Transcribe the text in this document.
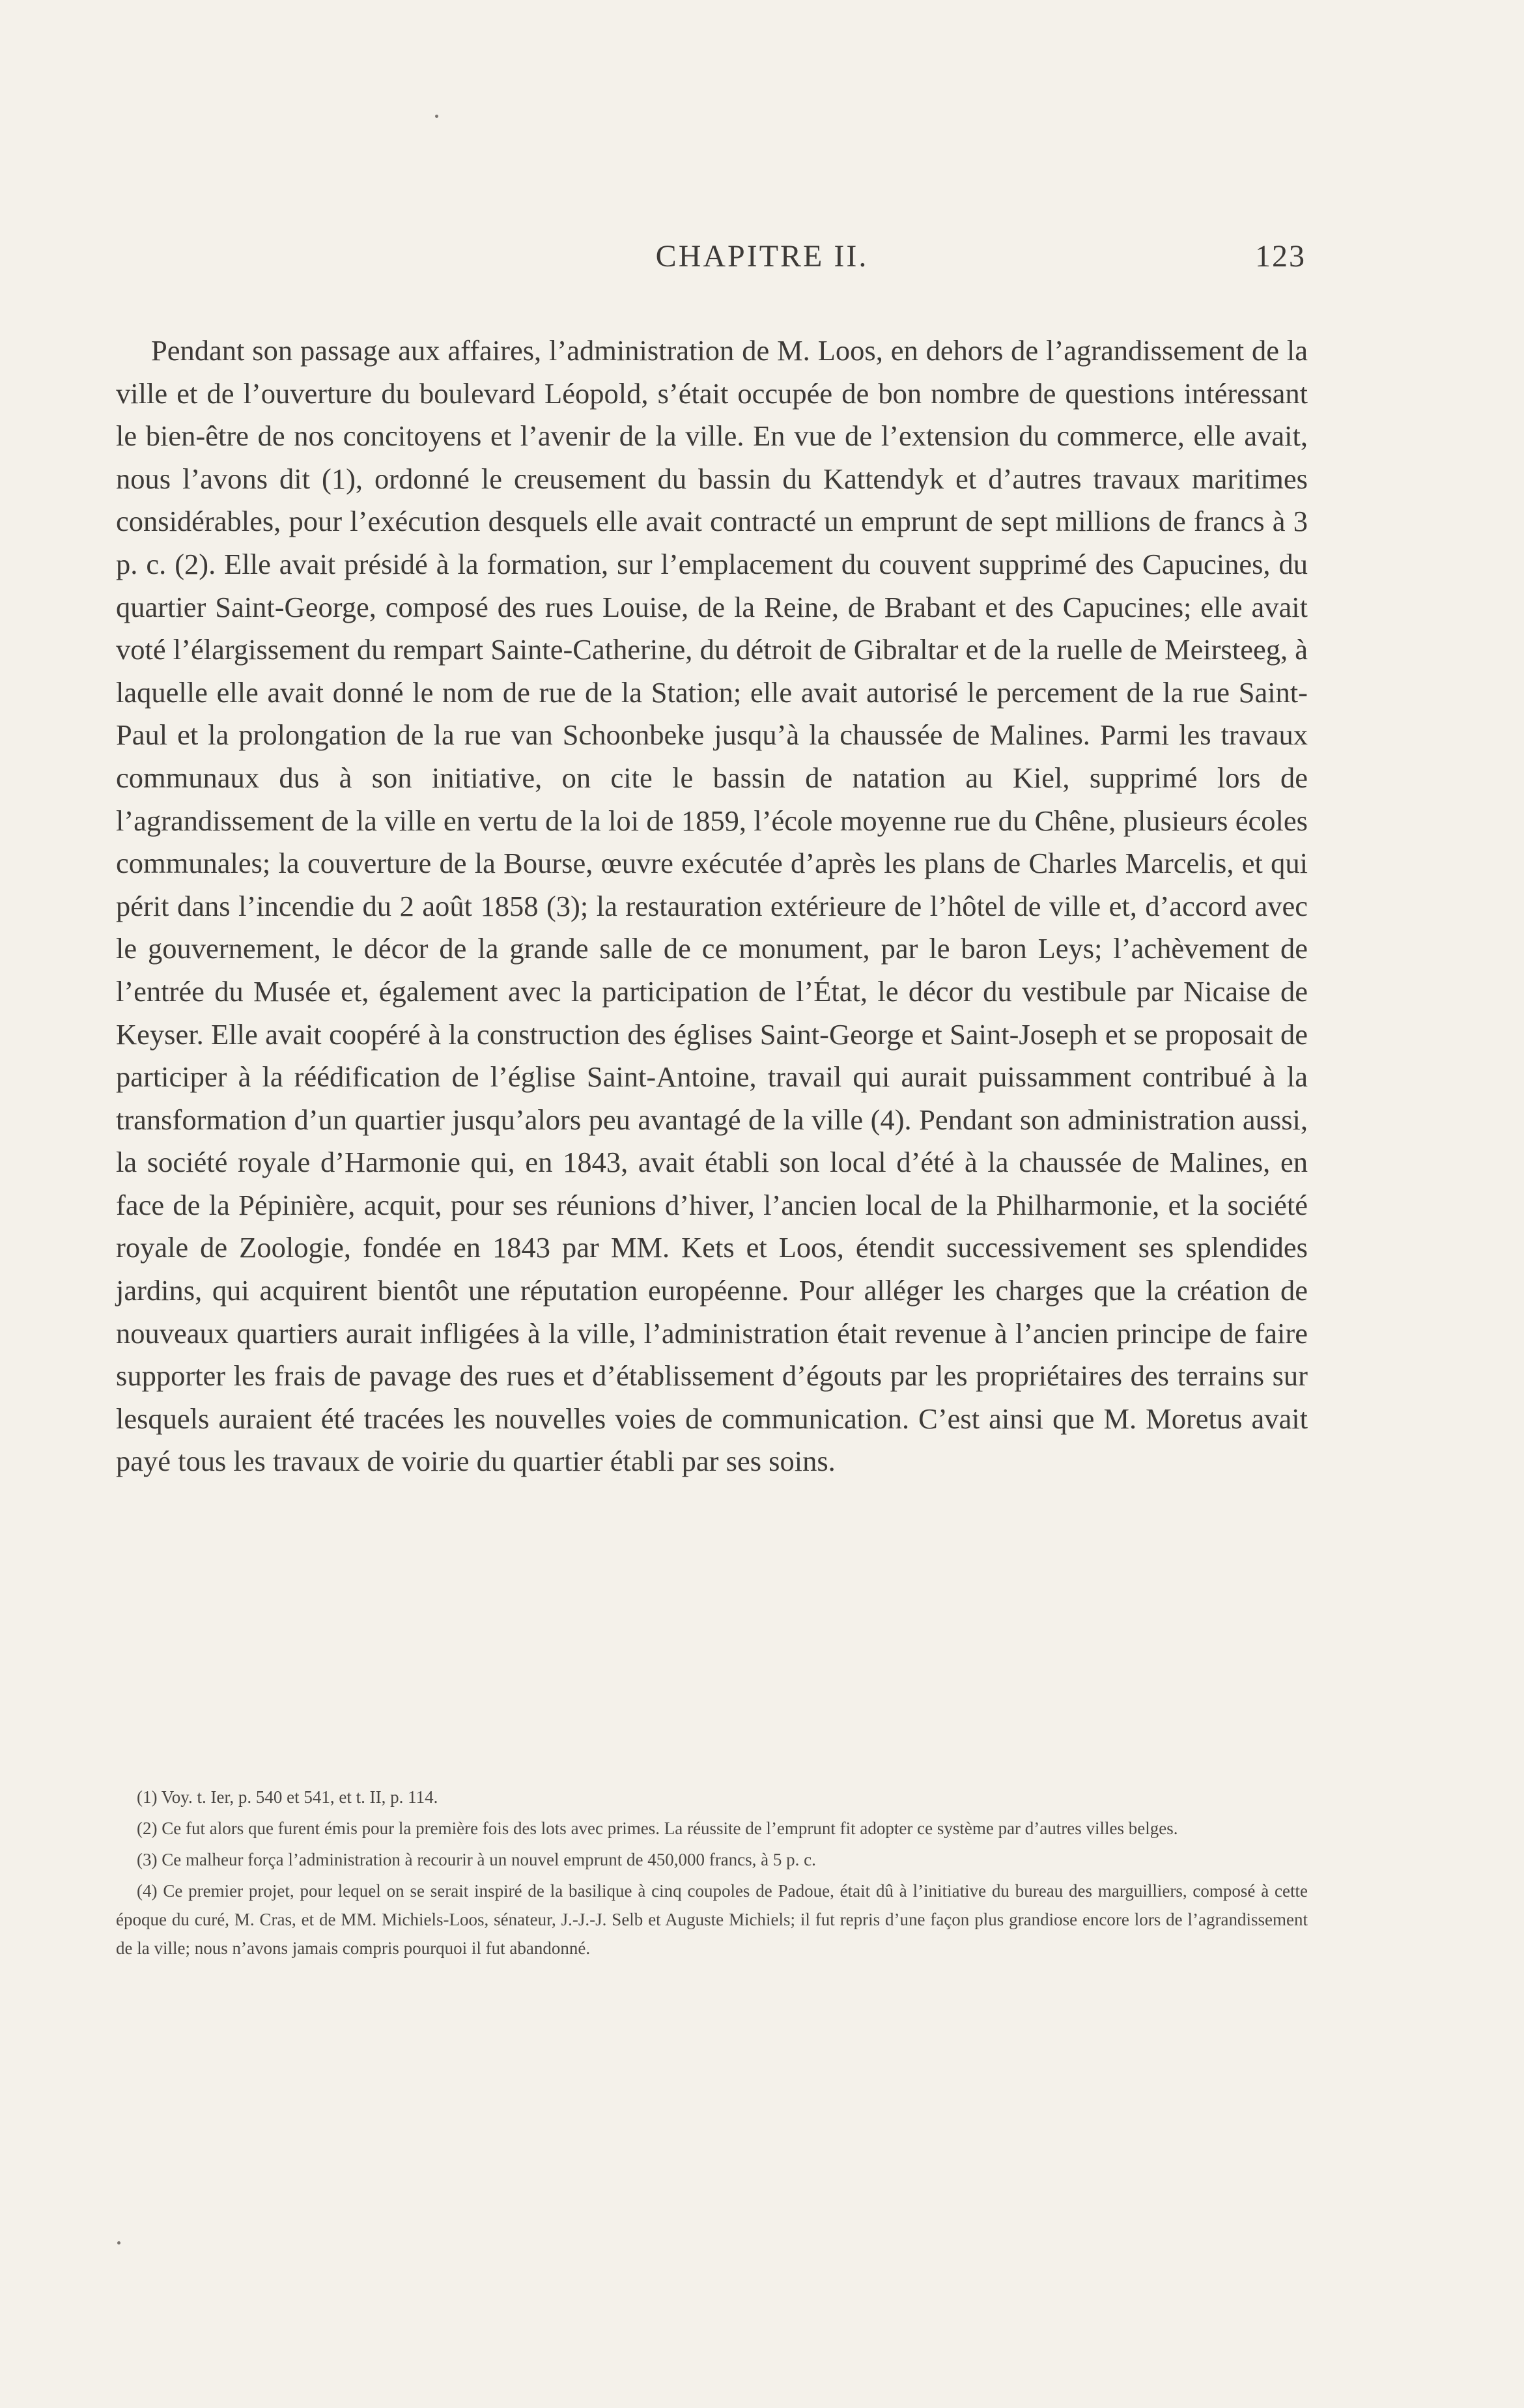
CHAPITRE II.	123

Pendant son passage aux affaires, l’administration de M. Loos, en dehors de l’agrandissement de la ville et de l’ouverture du boulevard Léopold, s’était occupée de bon nombre de questions intéressant le bien-être de nos concitoyens et l’avenir de la ville. En vue de l’extension du commerce, elle avait, nous l’avons dit (1), ordonné le creusement du bassin du Kattendyk et d’autres travaux maritimes considérables, pour l’exécution desquels elle avait contracté un emprunt de sept millions de francs à 3 p. c. (2). Elle avait présidé à la formation, sur l’emplacement du couvent supprimé des Capucines, du quartier Saint-George, composé des rues Louise, de la Reine, de Brabant et des Capucines; elle avait voté l’élargissement du rempart Sainte-Catherine, du détroit de Gibraltar et de la ruelle de Meirsteeg, à laquelle elle avait donné le nom de rue de la Station; elle avait autorisé le percement de la rue Saint-Paul et la prolongation de la rue van Schoonbeke jusqu’à la chaussée de Malines. Parmi les travaux communaux dus à son initiative, on cite le bassin de natation au Kiel, supprimé lors de l’agrandissement de la ville en vertu de la loi de 1859, l’école moyenne rue du Chêne, plusieurs écoles communales; la couverture de la Bourse, œuvre exécutée d’après les plans de Charles Marcelis, et qui périt dans l’incendie du 2 août 1858 (3); la restauration extérieure de l’hôtel de ville et, d’accord avec le gouvernement, le décor de la grande salle de ce monument, par le baron Leys; l’achèvement de l’entrée du Musée et, également avec la participation de l’État, le décor du vestibule par Nicaise de Keyser. Elle avait coopéré à la construction des églises Saint-George et Saint-Joseph et se proposait de participer à la réédification de l’église Saint-Antoine, travail qui aurait puissamment contribué à la transformation d’un quartier jusqu’alors peu avantagé de la ville (4). Pendant son administration aussi, la société royale d’Harmonie qui, en 1843, avait établi son local d’été à la chaussée de Malines, en face de la Pépinière, acquit, pour ses réunions d’hiver, l’ancien local de la Philharmonie, et la société royale de Zoologie, fondée en 1843 par MM. Kets et Loos, étendit successivement ses splendides jardins, qui acquirent bientôt une réputation européenne. Pour alléger les charges que la création de nouveaux quartiers aurait infligées à la ville, l’administration était revenue à l’ancien principe de faire supporter les frais de pavage des rues et d’établissement d’égouts par les propriétaires des terrains sur lesquels auraient été tracées les nouvelles voies de communication. C’est ainsi que M. Moretus avait payé tous les travaux de voirie du quartier établi par ses soins.

(1) Voy. t. Ier, p. 540 et 541, et t. II, p. 114.

(2) Ce fut alors que furent émis pour la première fois des lots avec primes. La réussite de l’emprunt fit adopter ce système par d’autres villes belges.

(3) Ce malheur força l’administration à recourir à un nouvel emprunt de 450,000 francs, à 5 p. c.

(4) Ce premier projet, pour lequel on se serait inspiré de la basilique à cinq coupoles de Padoue, était dû à l’initiative du bureau des marguilliers, composé à cette époque du curé, M. Cras, et de MM. Michiels-Loos, sénateur, J.-J.-J. Selb et Auguste Michiels; il fut repris d’une façon plus grandiose encore lors de l’agrandissement de la ville; nous n’avons jamais compris pourquoi il fut abandonné.
